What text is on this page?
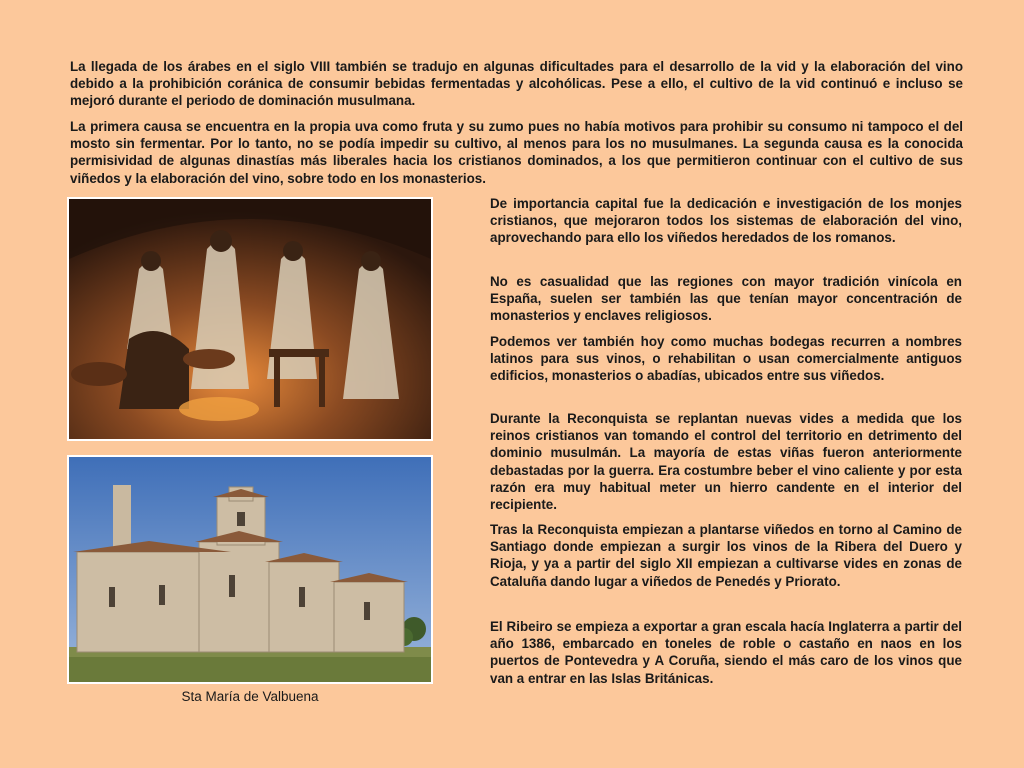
La llegada de los árabes en el siglo VIII también se tradujo en algunas dificultades para el desarrollo de la vid y la elaboración del vino debido a la prohibición coránica de consumir bebidas fermentadas y alcohólicas. Pese a ello, el cultivo de la vid continuó e incluso se mejoró durante el periodo de dominación musulmana.

La primera causa se encuentra en la propia uva como fruta y su zumo pues no había motivos para prohibir su consumo ni tampoco el del mosto sin fermentar. Por lo tanto, no se podía impedir su cultivo, al menos para los no musulmanes. La segunda causa es la conocida permisividad de algunas dinastías más liberales hacia los cristianos dominados, a los que permitieron continuar con el cultivo de sus viñedos y la elaboración del vino, sobre todo en los monasterios.

Sta María de Valbuena

De importancia capital fue la dedicación e investigación de los monjes cristianos, que mejoraron todos los sistemas de elaboración del vino, aprovechando para ello los viñedos heredados de los romanos.

No es casualidad que las regiones con mayor tradición vinícola en España, suelen ser también las que tenían mayor concentración de monasterios y enclaves religiosos.

Podemos ver también hoy como muchas bodegas recurren a nombres latinos para sus vinos, o rehabilitan o usan comercialmente antiguos edificios, monasterios o abadías, ubicados entre sus viñedos.

Durante la Reconquista se replantan nuevas vides a medida que los reinos cristianos van tomando el control del territorio en detrimento del dominio musulmán. La mayoría de estas viñas fueron anteriormente debastadas por la guerra. Era costumbre beber el vino caliente y por esta razón era muy habitual meter un hierro candente en el interior del recipiente.

Tras la Reconquista empiezan a plantarse viñedos en torno al Camino de Santiago donde empiezan a surgir los vinos de la Ribera del Duero y Rioja, y ya a partir del siglo XII empiezan a cultivarse vides en zonas de Cataluña dando lugar a viñedos de Penedés y Priorato.

El Ribeiro se empieza a exportar a gran escala hacía Inglaterra a partir del año 1386, embarcado en toneles de roble o castaño en naos en los puertos de Pontevedra y A Coruña, siendo el más caro de los vinos que van a entrar en las Islas Británicas.
